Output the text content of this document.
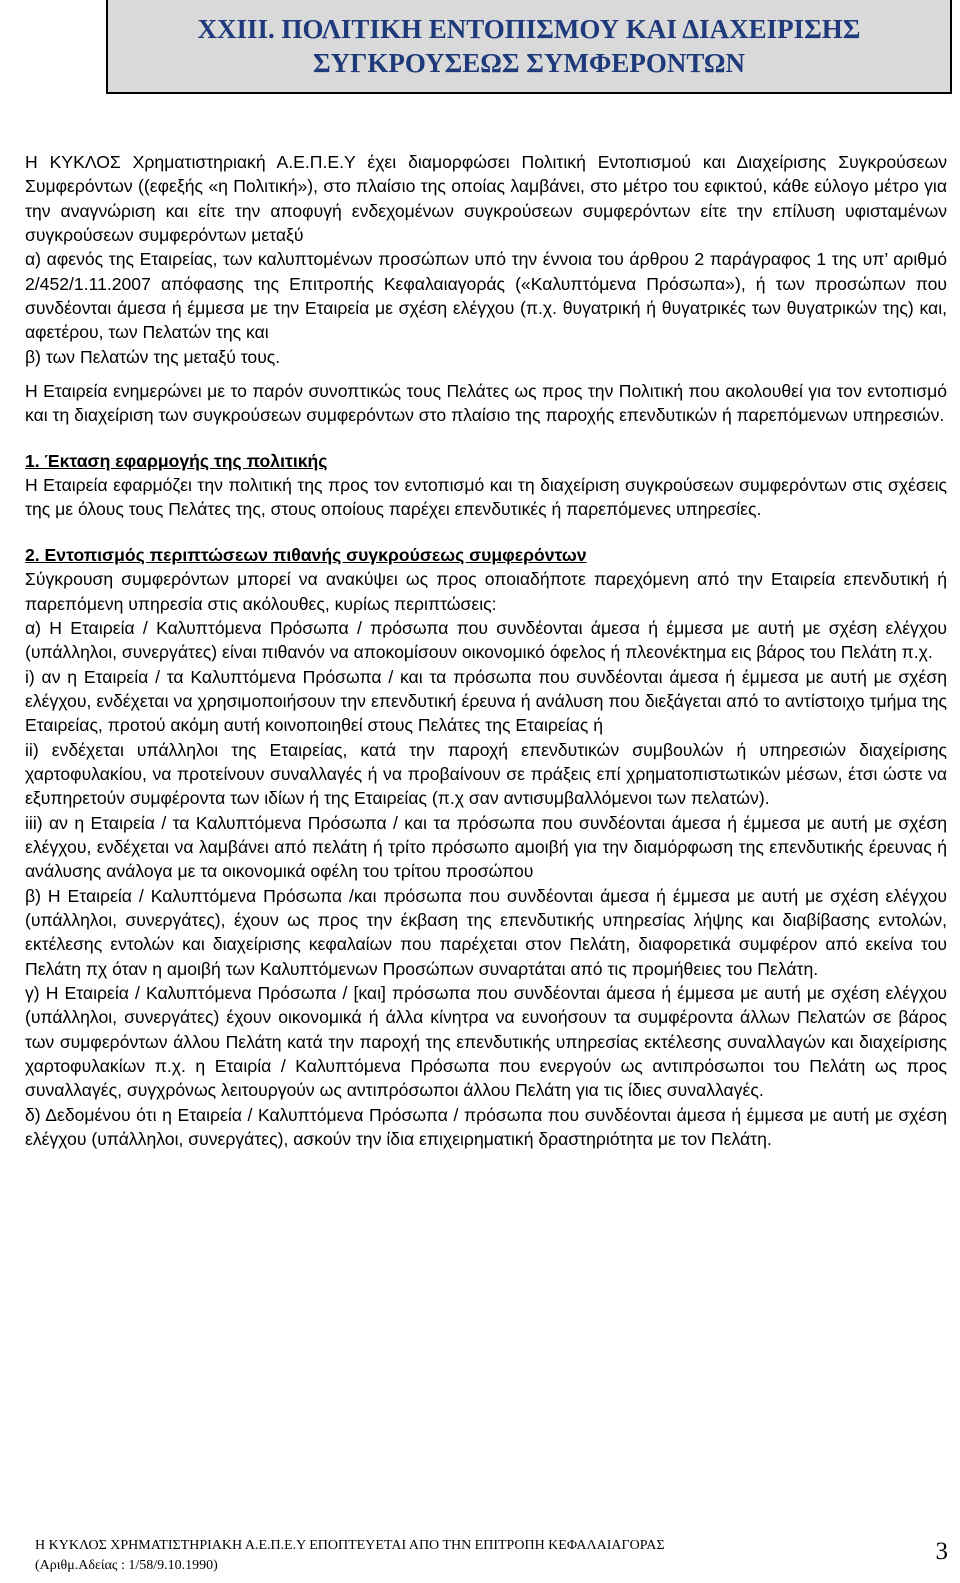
XXIII. ΠΟΛΙΤΙΚΗ ΕΝΤΟΠΙΣΜΟΥ ΚΑΙ ΔΙΑΧΕΙΡΙΣΗΣ
ΣΥΓΚΡΟΥΣΕΩΣ ΣΥΜΦΕΡΟΝΤΩΝ

Η ΚΥΚΛΟΣ Χρηματιστηριακή Α.Ε.Π.Ε.Υ έχει διαμορφώσει Πολιτική Εντοπισμού και Διαχείρισης Συγκρούσεων Συμφερόντων ((εφεξής «η Πολιτική»), στο πλαίσιο της οποίας λαμβάνει, στο μέτρο του εφικτού, κάθε εύλογο μέτρο για την αναγνώριση και είτε την αποφυγή ενδεχομένων συγκρούσεων συμφερόντων είτε την επίλυση υφισταμένων συγκρούσεων συμφερόντων μεταξύ

α) αφενός της Εταιρείας, των καλυπτομένων προσώπων υπό την έννοια του άρθρου 2 παράγραφος 1 της υπ’ αριθμό 2/452/1.11.2007 απόφασης της Επιτροπής Κεφαλαιαγοράς («Καλυπτόμενα Πρόσωπα»), ή των προσώπων που συνδέονται άμεσα ή έμμεσα με την Εταιρεία με σχέση ελέγχου (π.χ. θυγατρική ή θυγατρικές των θυγατρικών της) και, αφετέρου, των Πελατών της και

β) των Πελατών της μεταξύ τους.

Η Εταιρεία ενημερώνει με το παρόν συνοπτικώς τους Πελάτες ως προς την Πολιτική που ακολουθεί για τον εντοπισμό και τη διαχείριση των συγκρούσεων συμφερόντων στο πλαίσιο της παροχής επενδυτικών ή παρεπόμενων υπηρεσιών.

1. Έκταση εφαρμογής της πολιτικής

Η Εταιρεία εφαρμόζει την πολιτική της προς τον εντοπισμό και τη διαχείριση συγκρούσεων συμφερόντων στις σχέσεις της με όλους τους Πελάτες της, στους οποίους παρέχει επενδυτικές ή παρεπόμενες υπηρεσίες.

2. Εντοπισμός περιπτώσεων πιθανής συγκρούσεως συμφερόντων

Σύγκρουση συμφερόντων μπορεί να ανακύψει ως προς οποιαδήποτε παρεχόμενη από την Εταιρεία επενδυτική ή παρεπόμενη υπηρεσία στις ακόλουθες, κυρίως περιπτώσεις:

α) Η Εταιρεία / Καλυπτόμενα Πρόσωπα / πρόσωπα που συνδέονται άμεσα ή έμμεσα με αυτή με σχέση ελέγχου (υπάλληλοι, συνεργάτες) είναι πιθανόν να αποκομίσουν οικονομικό όφελος ή πλεονέκτημα εις βάρος του Πελάτη π.χ.

i) αν η Εταιρεία / τα Καλυπτόμενα Πρόσωπα / και τα πρόσωπα που συνδέονται άμεσα ή έμμεσα με αυτή με σχέση ελέγχου, ενδέχεται να χρησιμοποιήσουν την επενδυτική έρευνα ή ανάλυση που διεξάγεται από το αντίστοιχο τμήμα της Εταιρείας, προτού ακόμη αυτή κοινοποιηθεί στους Πελάτες της Εταιρείας ή

ii) ενδέχεται υπάλληλοι της Εταιρείας, κατά την παροχή επενδυτικών συμβουλών ή υπηρεσιών διαχείρισης χαρτοφυλακίου, να προτείνουν συναλλαγές ή να προβαίνουν σε πράξεις επί χρηματοπιστωτικών μέσων, έτσι ώστε να εξυπηρετούν συμφέροντα των ιδίων ή της Εταιρείας (π.χ σαν αντισυμβαλλόμενοι των πελατών).

iii) αν η Εταιρεία / τα Καλυπτόμενα Πρόσωπα / και τα πρόσωπα που συνδέονται άμεσα ή έμμεσα με αυτή με σχέση ελέγχου, ενδέχεται να λαμβάνει από πελάτη ή τρίτο πρόσωπο αμοιβή για την διαμόρφωση της επενδυτικής έρευνας ή ανάλυσης ανάλογα με τα οικονομικά οφέλη του τρίτου προσώπου

β) Η Εταιρεία / Καλυπτόμενα Πρόσωπα /και πρόσωπα που συνδέονται άμεσα ή έμμεσα με αυτή με σχέση ελέγχου (υπάλληλοι, συνεργάτες), έχουν ως προς την έκβαση της επενδυτικής υπηρεσίας λήψης και διαβίβασης εντολών, εκτέλεσης εντολών και διαχείρισης κεφαλαίων που παρέχεται στον Πελάτη, διαφορετικά συμφέρον από εκείνα του Πελάτη πχ όταν η αμοιβή των Καλυπτόμενων Προσώπων συναρτάται από τις προμήθειες του Πελάτη.

γ) Η Εταιρεία / Καλυπτόμενα Πρόσωπα / [και] πρόσωπα που συνδέονται άμεσα ή έμμεσα με αυτή με σχέση ελέγχου (υπάλληλοι, συνεργάτες) έχουν οικονομικά ή άλλα κίνητρα να ευνοήσουν τα συμφέροντα άλλων Πελατών σε βάρος των συμφερόντων άλλου Πελάτη κατά την παροχή της επενδυτικής υπηρεσίας εκτέλεσης συναλλαγών και διαχείρισης χαρτοφυλακίων π.χ. η Εταιρία / Καλυπτόμενα Πρόσωπα που ενεργούν ως αντιπρόσωποι του Πελάτη ως προς συναλλαγές, συγχρόνως λειτουργούν ως αντιπρόσωποι άλλου Πελάτη για τις ίδιες συναλλαγές.

δ) Δεδομένου ότι η Εταιρεία / Καλυπτόμενα Πρόσωπα / πρόσωπα που συνδέονται άμεσα ή έμμεσα με αυτή με σχέση ελέγχου (υπάλληλοι, συνεργάτες), ασκούν την ίδια επιχειρηματική δραστηριότητα με τον Πελάτη.

Η ΚΥΚΛΟΣ ΧΡΗΜΑΤΙΣΤΗΡΙΑΚΗ Α.Ε.Π.Ε.Υ ΕΠΟΠΤΕΥΕΤΑΙ ΑΠΟ ΤΗΝ ΕΠΙΤΡΟΠΗ ΚΕΦΑΛΑΙΑΓΟΡΑΣ
(Αριθμ.Αδείας : 1/58/9.10.1990)
3
